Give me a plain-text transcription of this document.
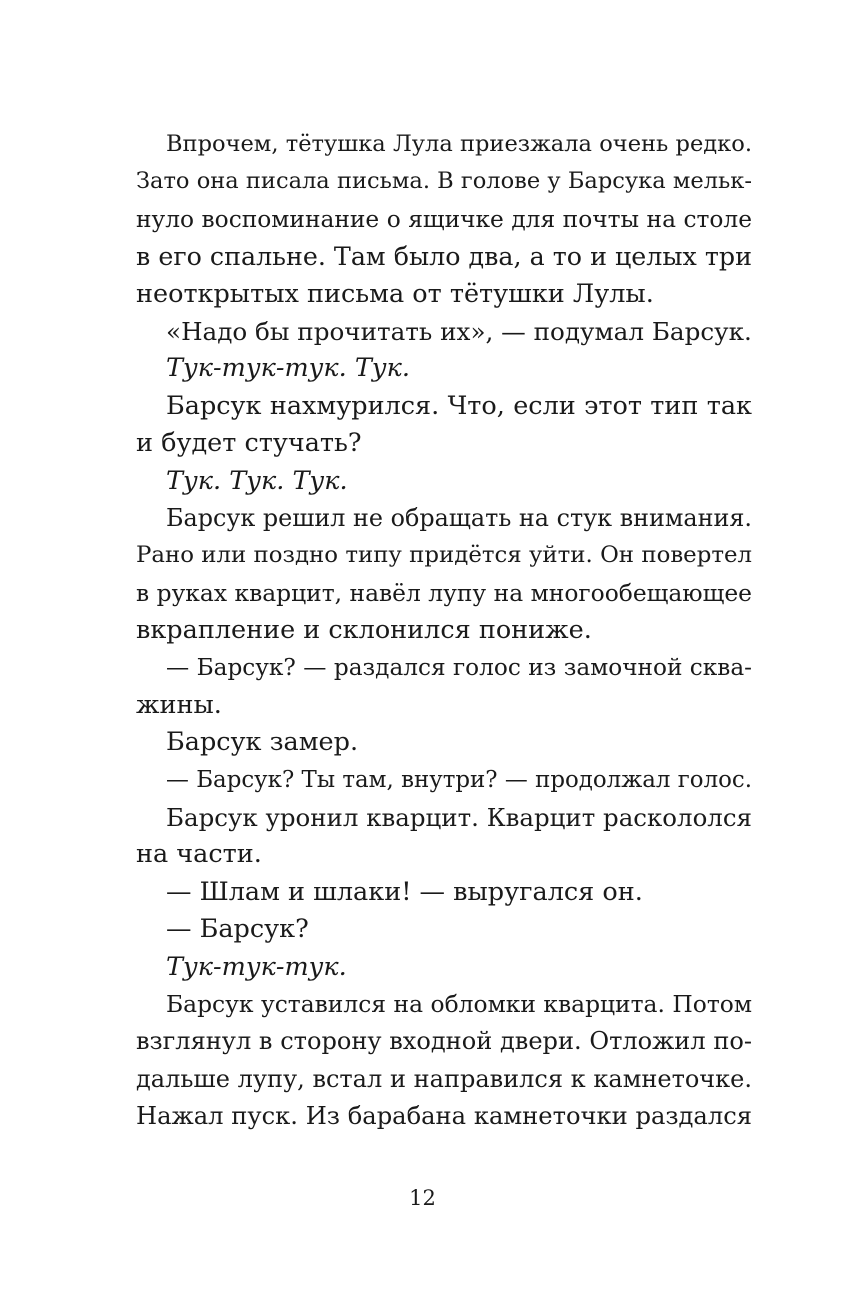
Впрочем, тётушка Лула приезжала очень редко.
Зато она писала письма. В голове у Барсука мельк-
нуло воспоминание о ящичке для почты на столе
в его спальне. Там было два, а то и целых три
неоткрытых письма от тётушки Лулы.
«Надо бы прочитать их», — подумал Барсук.
Тук-тук-тук. Тук.
Барсук нахмурился. Что, если этот тип так
и будет стучать?
Тук. Тук. Тук.
Барсук решил не обращать на стук внимания.
Рано или поздно типу придётся уйти. Он повертел
в руках кварцит, навёл лупу на многообещающее
вкрапление и склонился пониже.
— Барсук? — раздался голос из замочной сква-
жины.
Барсук замер.
— Барсук? Ты там, внутри? — продолжал голос.
Барсук уронил кварцит. Кварцит раскололся
на части.
— Шлам и шлаки! — выругался он.
— Барсук?
Тук-тук-тук.
Барсук уставился на обломки кварцита. Потом
взглянул в сторону входной двери. Отложил по-
дальше лупу, встал и направился к камнеточке.
Нажал пуск. Из барабана камнеточки раздался
12
